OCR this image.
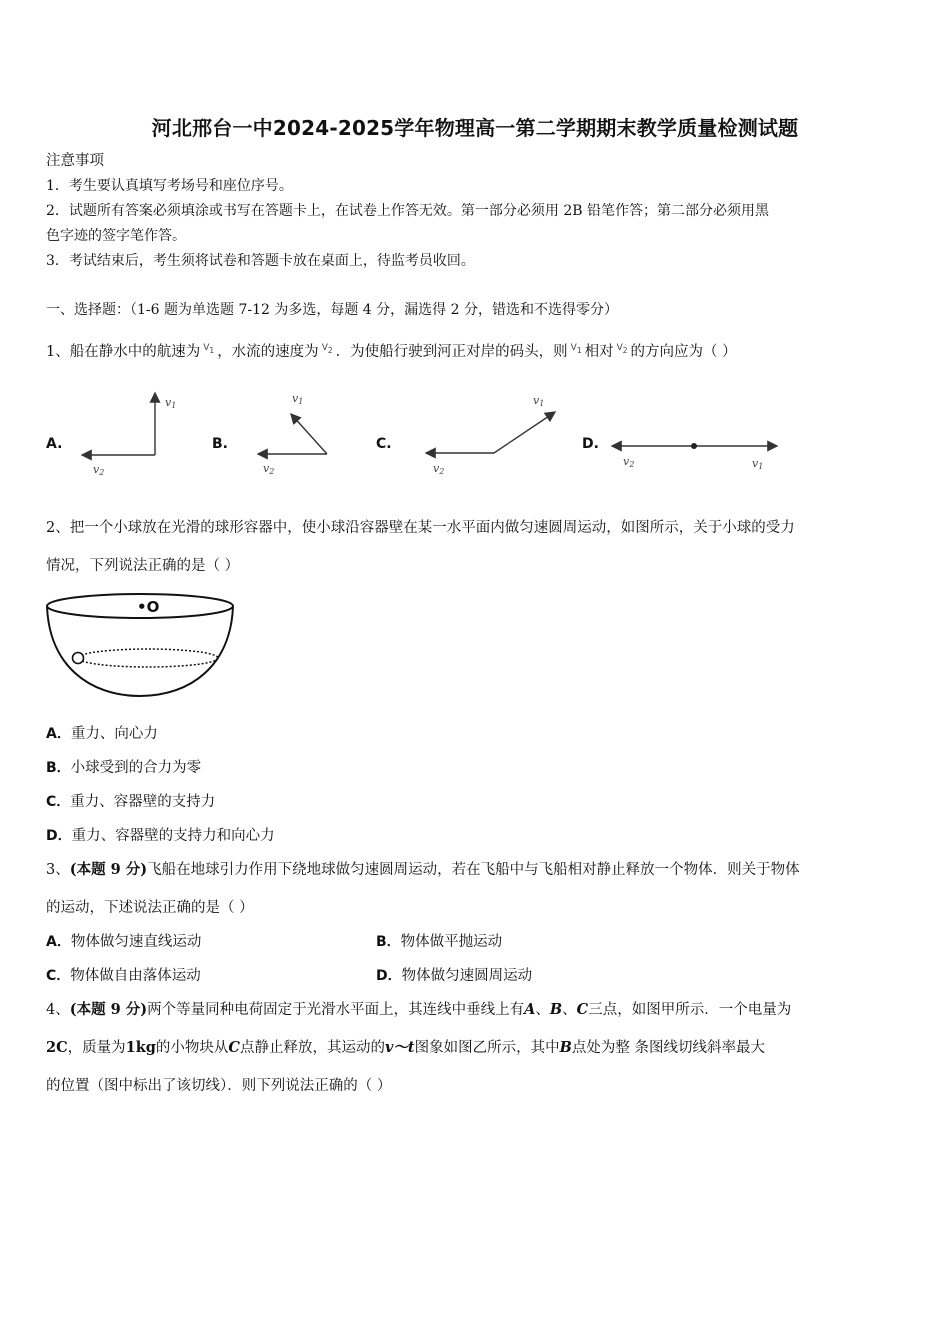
河北邢台一中2024-2025学年物理高一第二学期期末教学质量检测试题
注意事项
1．考生要认真填写考场号和座位序号。
2．试题所有答案必须填涂或书写在答题卡上，在试卷上作答无效。第一部分必须用 2B 铅笔作答；第二部分必须用黑
色字迹的签字笔作答。
3．考试结束后，考生须将试卷和答题卡放在桌面上，待监考员收回。
一、选择题：（1-6 题为单选题 7-12 为多选，每题 4 分，漏选得 2 分，错选和不选得零分）
1、船在静水中的航速为 $^{V_1}$ ，水流的速度为 $^{V_2}$ ．为使船行驶到河正对岸的码头，则 $^{V_1}$ 相对 $^{V_2}$ 的方向应为（ ）
A.	B.	C.	D.
v1
v2
v1
v2
v1
v2
v2	v1
2、把一个小球放在光滑的球形容器中，使小球沿容器壁在某一水平面内做匀速圆周运动，如图所示，关于小球的受力
情况，下列说法正确的是（ ）
•O
A．重力、向心力
B．小球受到的合力为零
C．重力、容器壁的支持力
D．重力、容器壁的支持力和向心力
3、(本题 9 分)飞船在地球引力作用下绕地球做匀速圆周运动，若在飞船中与飞船相对静止释放一个物体．则关于物体
的运动，下述说法正确的是（ ）
A．物体做匀速直线运动	B．物体做平抛运动
C．物体做自由落体运动	D．物体做匀速圆周运动
4、(本题 9 分)两个等量同种电荷固定于光滑水平面上，其连线中垂线上有A、B、C三点，如图甲所示．一个电量为
2C，质量为1kg的小物块从C点静止释放，其运动的v～t图象如图乙所示，其中B点处为整 条图线切线斜率最大
的位置（图中标出了该切线）．则下列说法正确的（ ）
